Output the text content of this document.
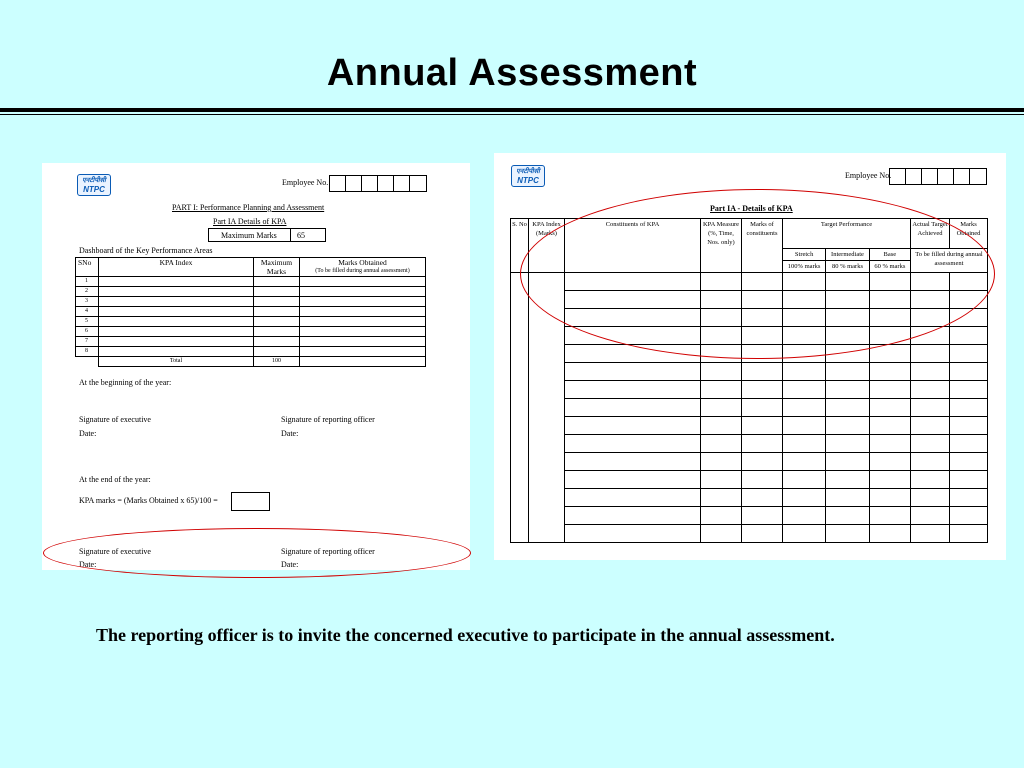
Annual Assessment
एनटीपीसी
NTPC
Employee No.
PART I: Performance Planning and Assessment
Part IA Details of KPA
Maximum Marks	65
Dashboard of the Key Performance Areas
SNo	KPA Index	Maximum Marks	Marks Obtained
(To be filled during annual assessment)

1			
2			
3			
4			
5			
6			
7			
8			
	Total	100	
At the beginning of the year:
Signature of executive	Signature of reporting officer
Date:	Date:
At the end of the year:
KPA marks = (Marks Obtained x 65)/100 =
Signature of executive	Signature of reporting officer
Date:	Date:
एनटीपीसी
NTPC
Employee No.
Part IA - Details of KPA
S. No	KPA Index (Marks)	Constituents of KPA	KPA Measure (%, Time, Nos. only)	Marks of constituents	Target Performance			Actual Target Achieved	Marks Obtained
					Stretch	Intermediate	Base	To be filled during annual assessment	
					100% marks	80 % marks	60 % marks		

The reporting officer is to invite the concerned executive to participate in the annual assessment.
